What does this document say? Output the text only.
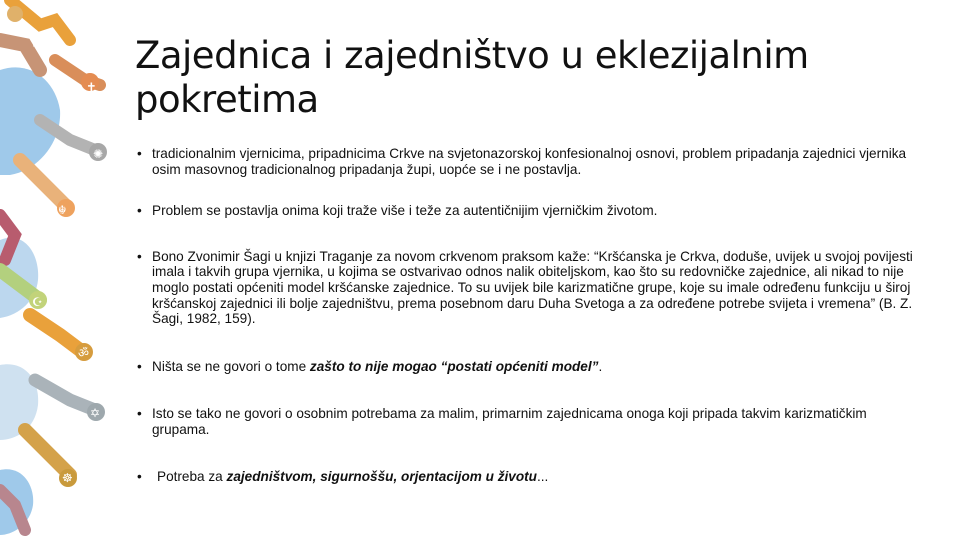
卍
✝
✺
☬
☪
ॐ
✡
☸
Zajednica i zajedništvo u eklezijalnim pokretima
• tradicionalnim vjernicima, pripadnicima Crkve na svjetonazorskoj konfesionalnoj osnovi, problem pripadanja zajednici vjernika osim masovnog tradicionalnog pripadanja župi, uopće se i ne postavlja.
• Problem se postavlja onima koji traže više i teže za autentičnijim vjerničkim životom.
• Bono Zvonimir Šagi u knjizi Traganje za novom crkvenom praksom kaže: “Kršćanska je Crkva, doduše, uvijek u svojoj povijesti imala i takvih grupa vjernika, u kojima se ostvarivao odnos nalik obiteljskom, kao što su redovničke zajednice, ali nikad to nije moglo postati općeniti model kršćanske zajednice. To su uvijek bile karizmatične grupe, koje su imale određenu funkciju u široj kršćanskoj zajednici ili bolje zajedništvu, prema posebnom daru Duha Svetoga a za određene potrebe svijeta i vremena” (B. Z. Šagi, 1982, 159).
• Ništa se ne govori o tome zašto to nije mogao “postati općeniti model”.
• Isto se tako ne govori o osobnim potrebama za malim, primarnim zajednicama onoga koji pripada takvim karizmatičkim grupama.
• Potreba za zajedništvom, sigurnoššu, orjentacijom u životu...
